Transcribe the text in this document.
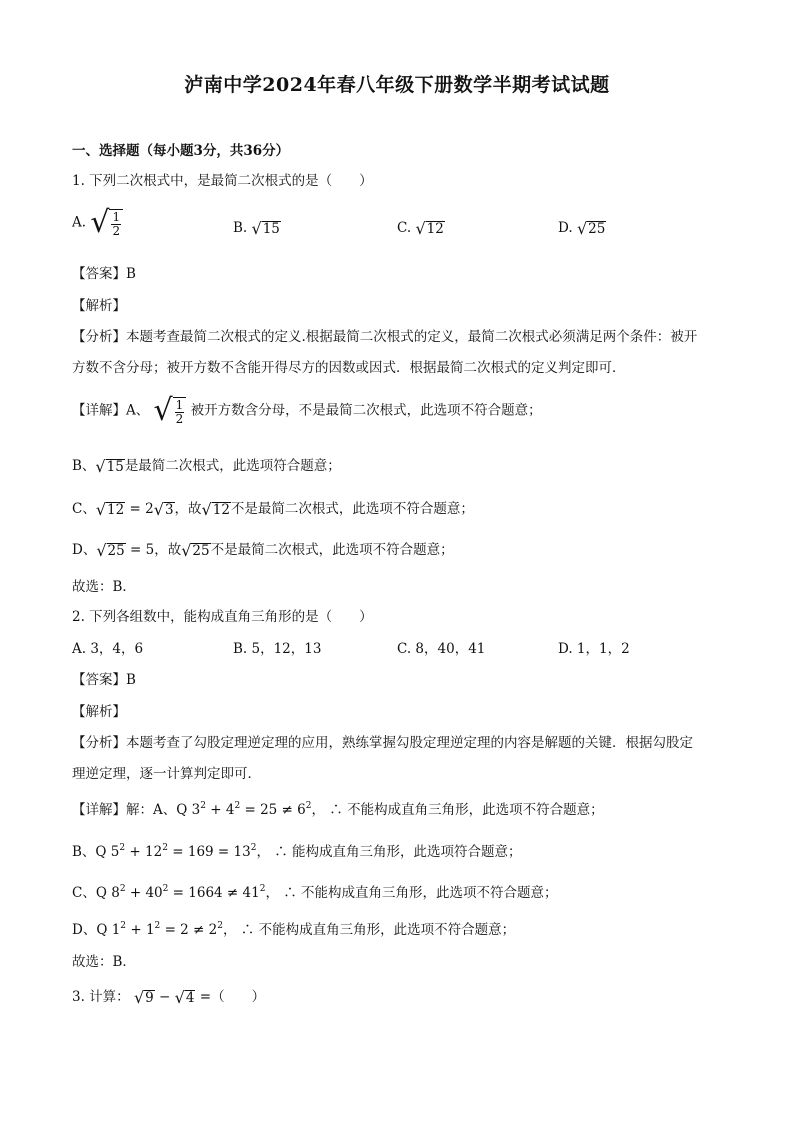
泸南中学2024年春八年级下册数学半期考试试题
一、选择题（每小题3分，共36分）
1. 下列二次根式中，是最简二次根式的是（　　）
A. √ $\frac{1}{2}$	B. √15	C. √12	D. √25
【答案】B
【解析】
【分析】本题考查最简二次根式的定义.根据最简二次根式的定义，最简二次根式必须满足两个条件：被开
方数不含分母；被开方数不含能开得尽方的因数或因式．根据最简二次根式的定义判定即可．
【详解】A、 √ $\frac{1}{2}$ 被开方数含分母，不是最简二次根式，此选项不符合题意；
B、√15是最简二次根式，此选项符合题意；
C、√12 = 2√3，故√12不是最简二次根式，此选项不符合题意；
D、√25 = 5，故√25不是最简二次根式，此选项不符合题意；
故选：B．
2. 下列各组数中，能构成直角三角形的是（　　）
A. 3，4，6	B. 5，12，13	C. 8，40，41	D. 1，1，2
【答案】B
【解析】
【分析】本题考查了勾股定理逆定理的应用，熟练掌握勾股定理逆定理的内容是解题的关键．根据勾股定
理逆定理，逐一计算判定即可．
【详解】解：A、Q $3^2 + 4^2 = 25 \ne 6^2$， ∴ 不能构成直角三角形，此选项不符合题意；
B、Q $5^2 + 12^2 = 169 = 13^2$， ∴ 能构成直角三角形，此选项符合题意；
C、Q $8^2 + 40^2 = 1664 \ne 41^2$， ∴ 不能构成直角三角形，此选项不符合题意；
D、Q $1^2 + 1^2 = 2 \ne 2^2$， ∴ 不能构成直角三角形，此选项不符合题意；
故选：B．
3. 计算： √9 − √4 =（　　）
